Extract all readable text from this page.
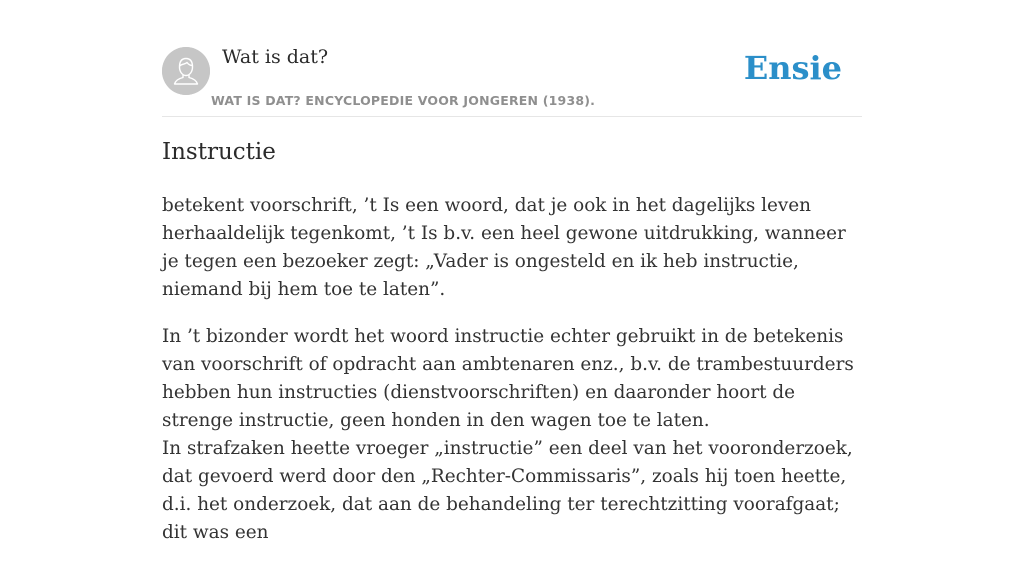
Wat is dat?
WAT IS DAT? ENCYCLOPEDIE VOOR JONGEREN (1938).
Ensie
Instructie

betekent voorschrift, ’t Is een woord, dat je ook in het dagelijks leven herhaaldelijk tegenkomt, ’t Is b.v. een heel gewone uitdrukking, wanneer je tegen een bezoeker zegt: „Vader is ongesteld en ik heb instructie, niemand bij hem toe te laten”.

In ’t bizonder wordt het woord instructie echter gebruikt in de betekenis van voorschrift of opdracht aan ambtenaren enz., b.v. de trambestuurders hebben hun instructies (dienstvoorschriften) en daaronder hoort de strenge instructie, geen honden in den wagen toe te laten.
In strafzaken heette vroeger „instructie” een deel van het vooronderzoek, dat gevoerd werd door den „Rechter-Commissaris”, zoals hij toen heette, d.i. het onderzoek, dat aan de behandeling ter terechtzitting voorafgaat; dit was een
